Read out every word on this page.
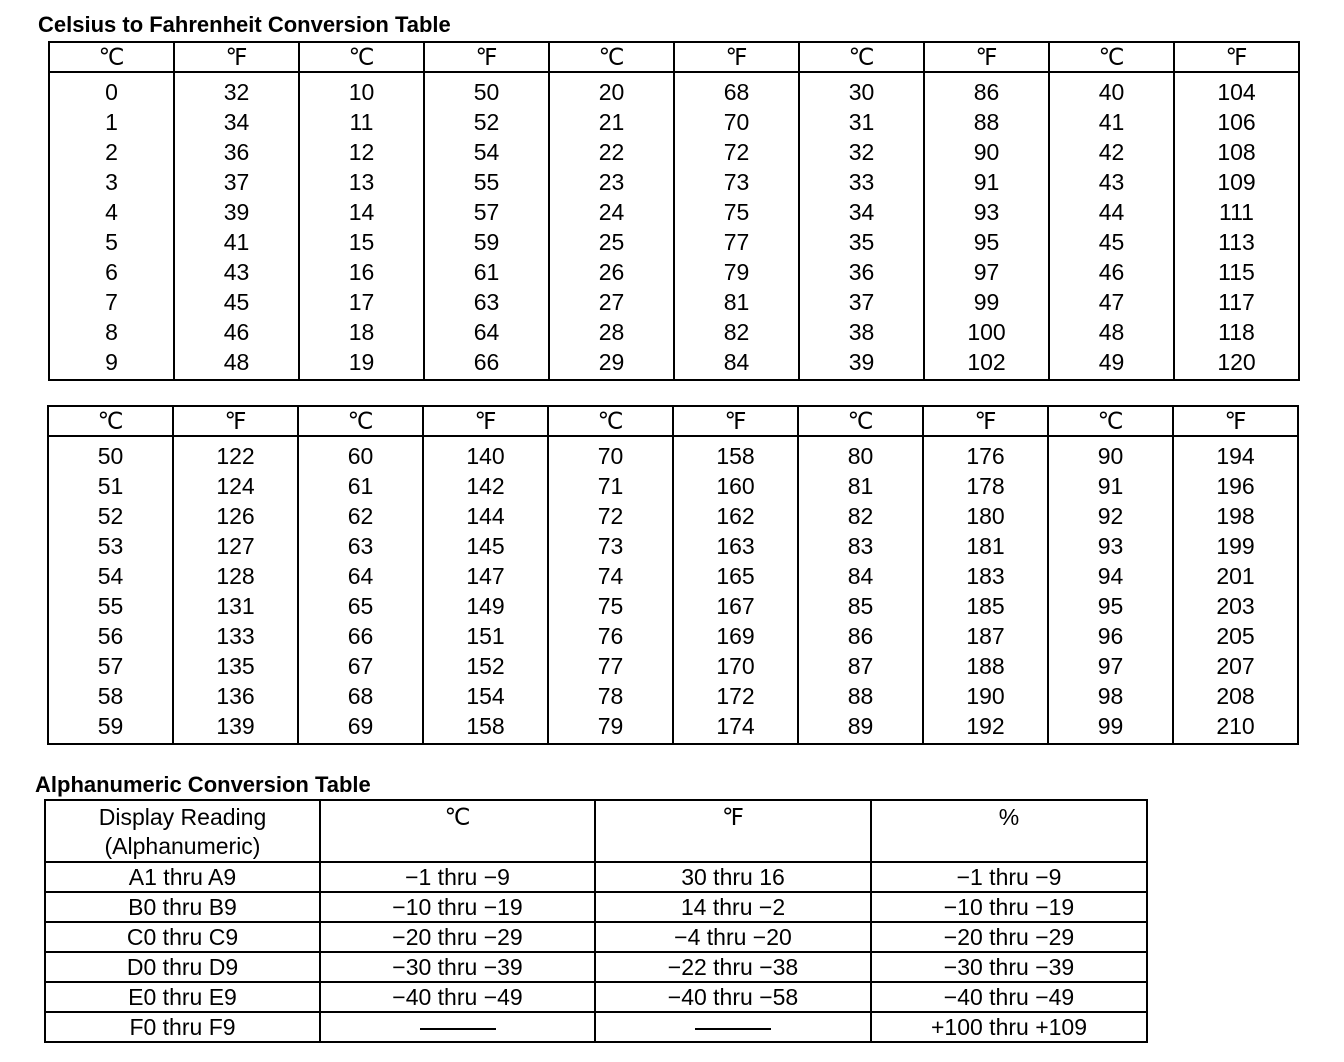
Celsius to Fahrenheit Conversion Table
℃	℉	℃	℉	℃	℉	℃	℉	℃	℉
0	32	10	50	20	68	30	86	40	104
1	34	11	52	21	70	31	88	41	106
2	36	12	54	22	72	32	90	42	108
3	37	13	55	23	73	33	91	43	109
4	39	14	57	24	75	34	93	44	111
5	41	15	59	25	77	35	95	45	113
6	43	16	61	26	79	36	97	46	115
7	45	17	63	27	81	37	99	47	117
8	46	18	64	28	82	38	100	48	118
9	48	19	66	29	84	39	102	49	120
℃	℉	℃	℉	℃	℉	℃	℉	℃	℉
50	122	60	140	70	158	80	176	90	194
51	124	61	142	71	160	81	178	91	196
52	126	62	144	72	162	82	180	92	198
53	127	63	145	73	163	83	181	93	199
54	128	64	147	74	165	84	183	94	201
55	131	65	149	75	167	85	185	95	203
56	133	66	151	76	169	86	187	96	205
57	135	67	152	77	170	87	188	97	207
58	136	68	154	78	172	88	190	98	208
59	139	69	158	79	174	89	192	99	210
Alphanumeric Conversion Table
Display Reading
(Alphanumeric)	℃	℉	%
A1 thru A9	−1 thru −9	30 thru 16	−1 thru −9
B0 thru B9	−10 thru −19	14 thru −2	−10 thru −19
C0 thru C9	−20 thru −29	−4 thru −20	−20 thru −29
D0 thru D9	−30 thru −39	−22 thru −38	−30 thru −39
E0 thru E9	−40 thru −49	−40 thru −58	−40 thru −49
F0 thru F9			+100 thru +109
